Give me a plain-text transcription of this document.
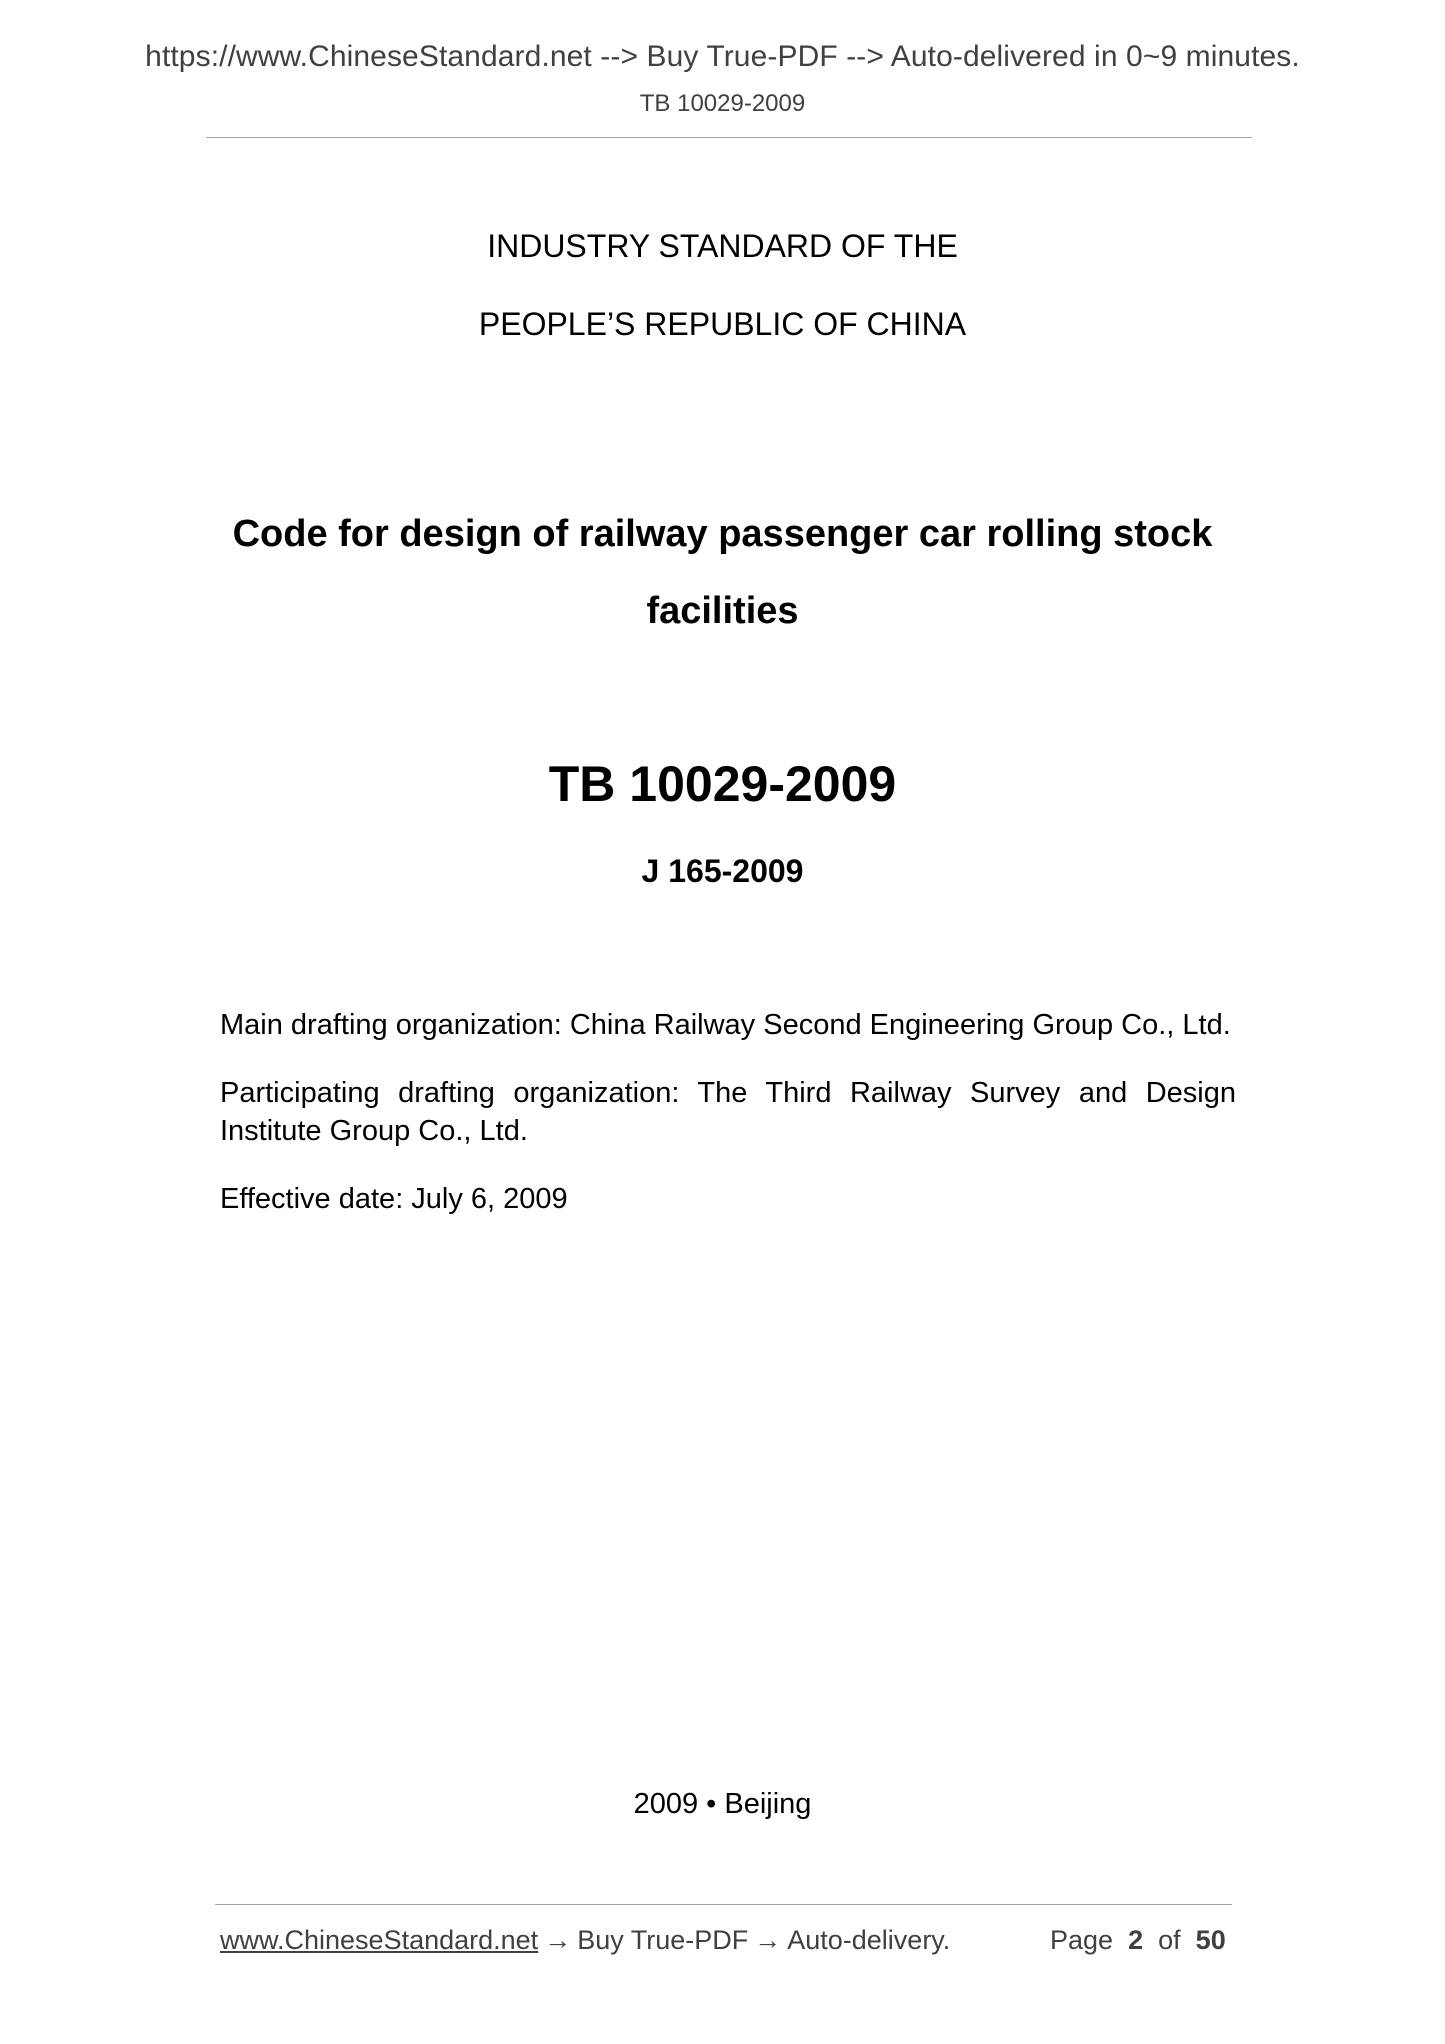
https://www.ChineseStandard.net --> Buy True-PDF --> Auto-delivered in 0~9 minutes.
TB 10029-2009
INDUSTRY STANDARD OF THE
PEOPLE’S REPUBLIC OF CHINA
Code for design of railway passenger car rolling stock
facilities
TB 10029-2009
J 165-2009
Main drafting organization: China Railway Second Engineering Group Co., Ltd.
Participating drafting organization: The Third Railway Survey and Design Institute Group Co., Ltd.
Effective date: July 6, 2009
2009 • Beijing
www.ChineseStandard.net → Buy True-PDF → Auto-delivery.	Page 2 of 50
